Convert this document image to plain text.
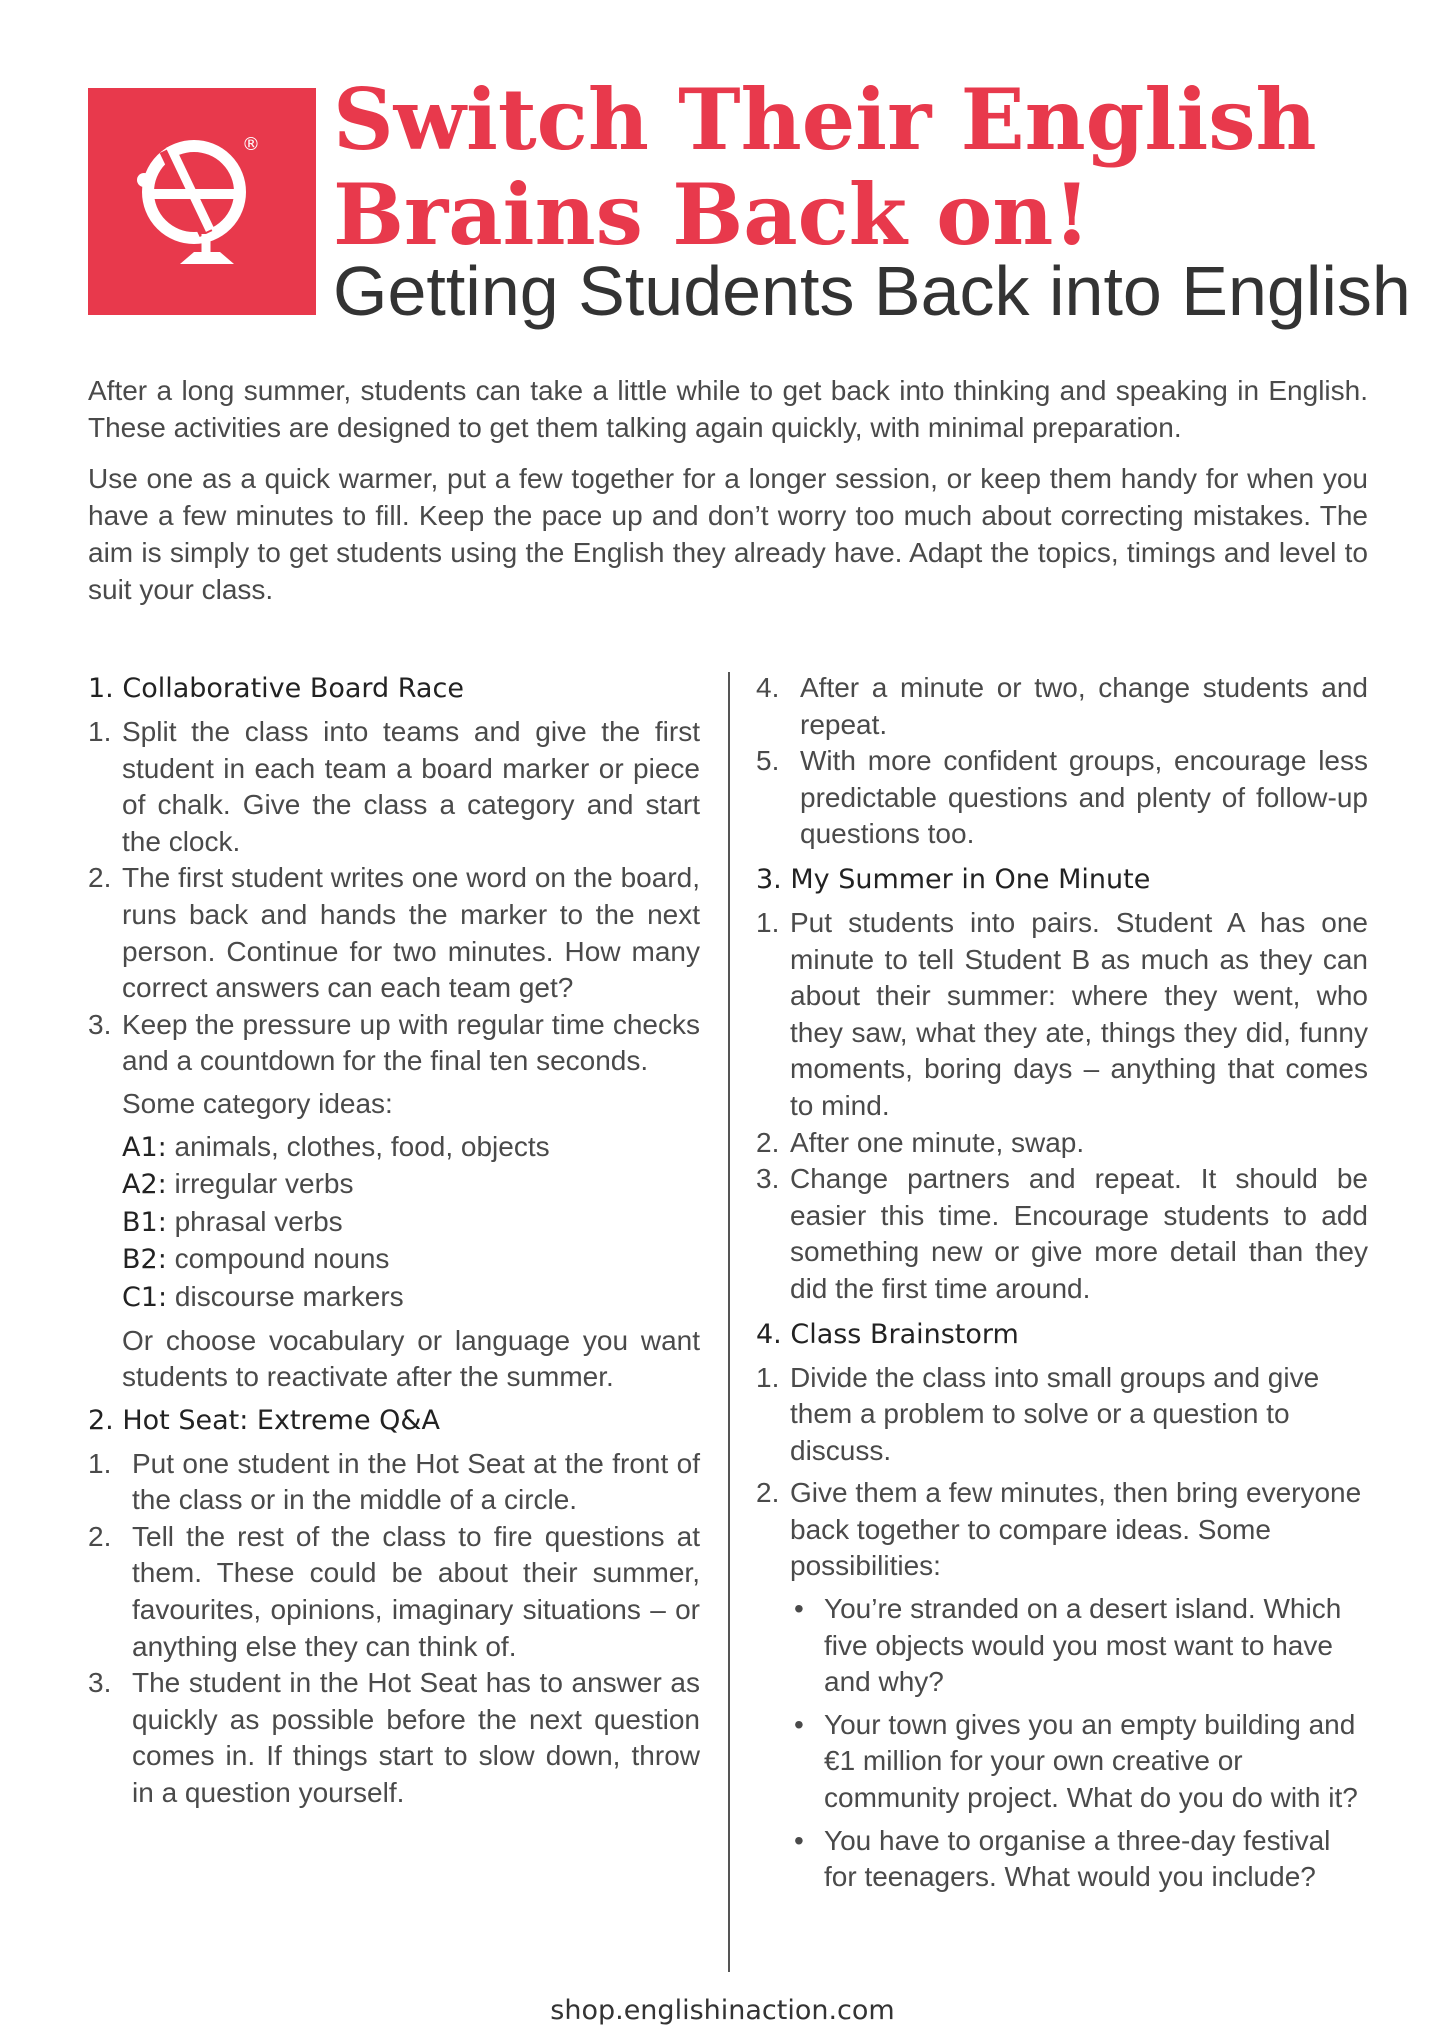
® Switch Their English
Brains Back on!
Getting Students Back into English

After a long summer, students can take a little while to get back into thinking and speaking in English. These activities are designed to get them talking again quickly, with minimal preparation.

Use one as a quick warmer, put a few together for a longer session, or keep them handy for when you have a few minutes to fill. Keep the pace up and don’t worry too much about correcting mistakes. The aim is simply to get students using the English they already have. Adapt the topics, timings and level to suit your class.

1. Collaborative Board Race
1. Split the class into teams and give the first student in each team a board marker or piece of chalk. Give the class a category and start the clock.
2. The first student writes one word on the board, runs back and hands the marker to the next person. Continue for two minutes. How many correct answers can each team get?
3. Keep the pressure up with regular time checks and a countdown for the final ten seconds.

Some category ideas:

A1: animals, clothes, food, objects
A2: irregular verbs
B1: phrasal verbs
B2: compound nouns
C1: discourse markers

Or choose vocabulary or language you want students to reactivate after the summer.

2. Hot Seat: Extreme Q&A
1. Put one student in the Hot Seat at the front of the class or in the middle of a circle.
2. Tell the rest of the class to fire questions at them. These could be about their summer, favourites, opinions, imaginary situations – or anything else they can think of.
3. The student in the Hot Seat has to answer as quickly as possible before the next question comes in. If things start to slow down, throw in a question yourself.
4. After a minute or two, change students and repeat.
5. With more confident groups, encourage less predictable questions and plenty of follow-up questions too.
3. My Summer in One Minute
1. Put students into pairs. Student A has one minute to tell Student B as much as they can about their summer: where they went, who they saw, what they ate, things they did, funny moments, boring days – anything that comes to mind.
2. After one minute, swap.
3. Change partners and repeat. It should be easier this time. Encourage students to add something new or give more detail than they did the first time around.
4. Class Brainstorm
1. Divide the class into small groups and give them a problem to solve or a question to discuss.
2. Give them a few minutes, then bring everyone back together to compare ideas. Some possibilities:
• You’re stranded on a desert island. Which five objects would you most want to have and why?
• Your town gives you an empty building and €1 million for your own creative or community project. What do you do with it?
• You have to organise a three-day festival for teenagers. What would you include?
shop.englishinaction.com
